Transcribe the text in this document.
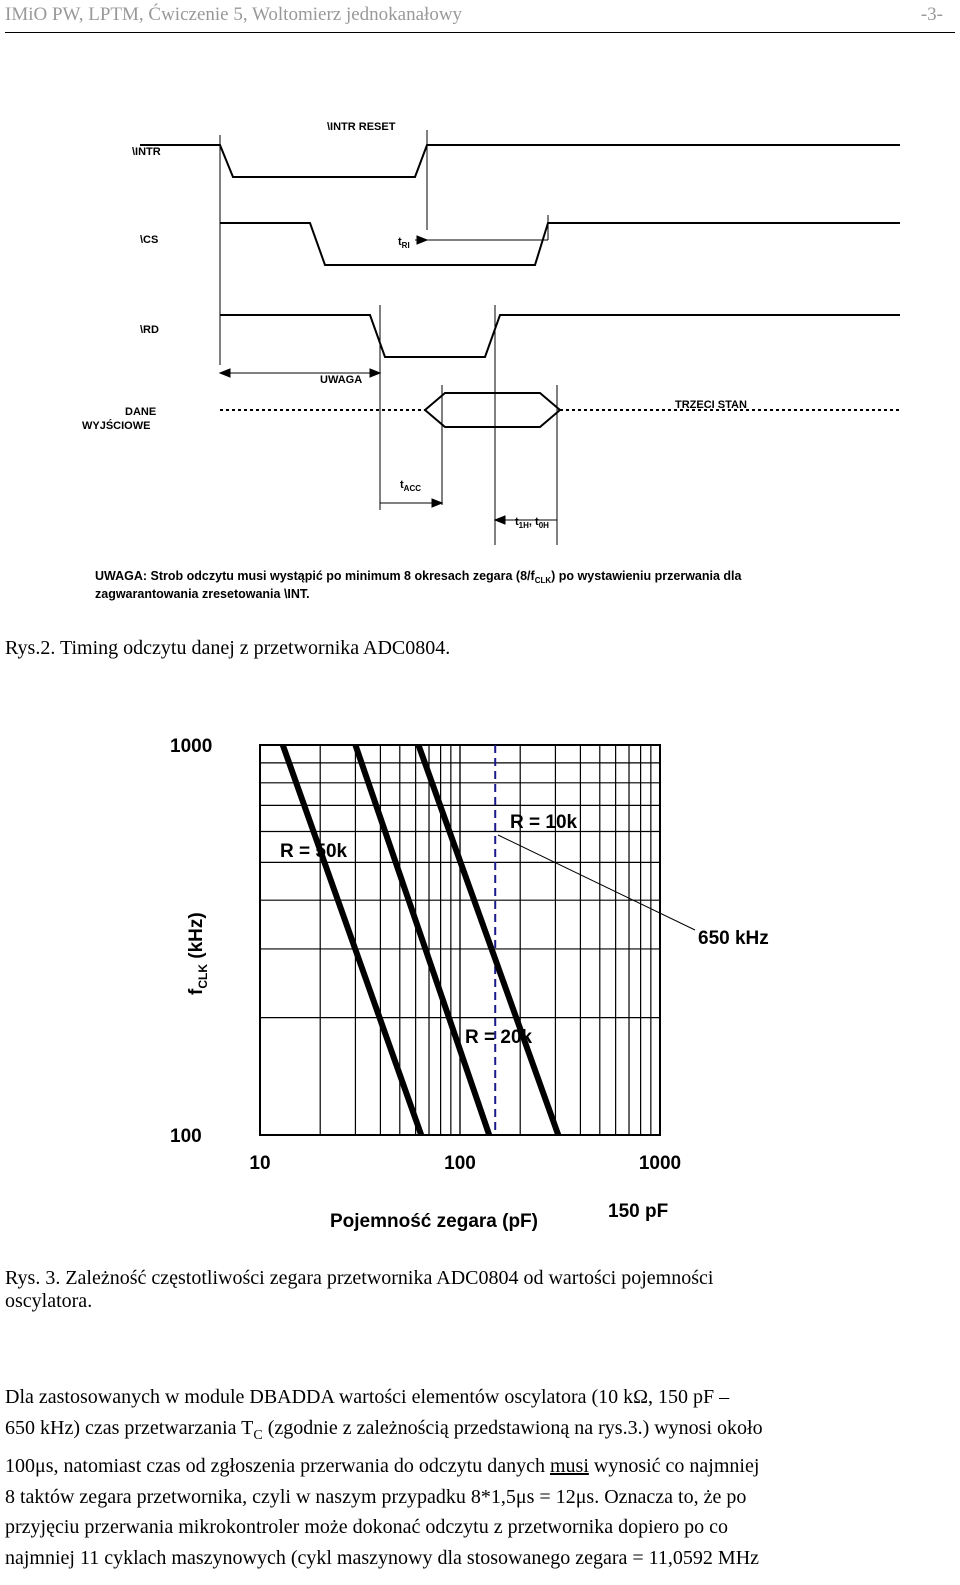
IMiO PW, LPTM, Ćwiczenie 5, Woltomierz jednokanałowy	-3-
\INTR
\INTR RESET
\CS
\RD
UWAGA
DANE
WYJŚCIOWE
TRZECI STAN
$t_{RI}$
$t_{ACC}$
$t_{1H}$, $t_{0H}$
UWAGA: Strob odczytu musi wystąpić po minimum 8 okresach zegara $(8/f_{CLK})$ po wystawieniu przerwania dla
zagwarantowania zresetowania \INT.
Rys.2. Timing odczytu danej z przetwornika ADC0804.
10	100	1000
1000
100
R = 50k
R = 20k
R = 10k
650 kHz
150 pF
Pojemność zegara (pF)
$f_{CLK}$ (kHz)
Rys. 3. Zależność częstotliwości zegara przetwornika ADC0804 od wartości pojemności
oscylatora.
Dla zastosowanych w module DBADDA wartości elementów oscylatora (10 kΩ, 150 pF –
650 kHz) czas przetwarzania $T_C$ (zgodnie z zależnością przedstawioną na rys.3.) wynosi około
100μs, natomiast czas od zgłoszenia przerwania do odczytu danych musi wynosić co najmniej
8 taktów zegara przetwornika, czyli w naszym przypadku 8*1,5μs = 12μs. Oznacza to, że po
przyjęciu przerwania mikrokontroler może dokonać odczytu z przetwornika dopiero po co
najmniej 11 cyklach maszynowych (cykl maszynowy dla stosowanego zegara = 11,0592 MHz
